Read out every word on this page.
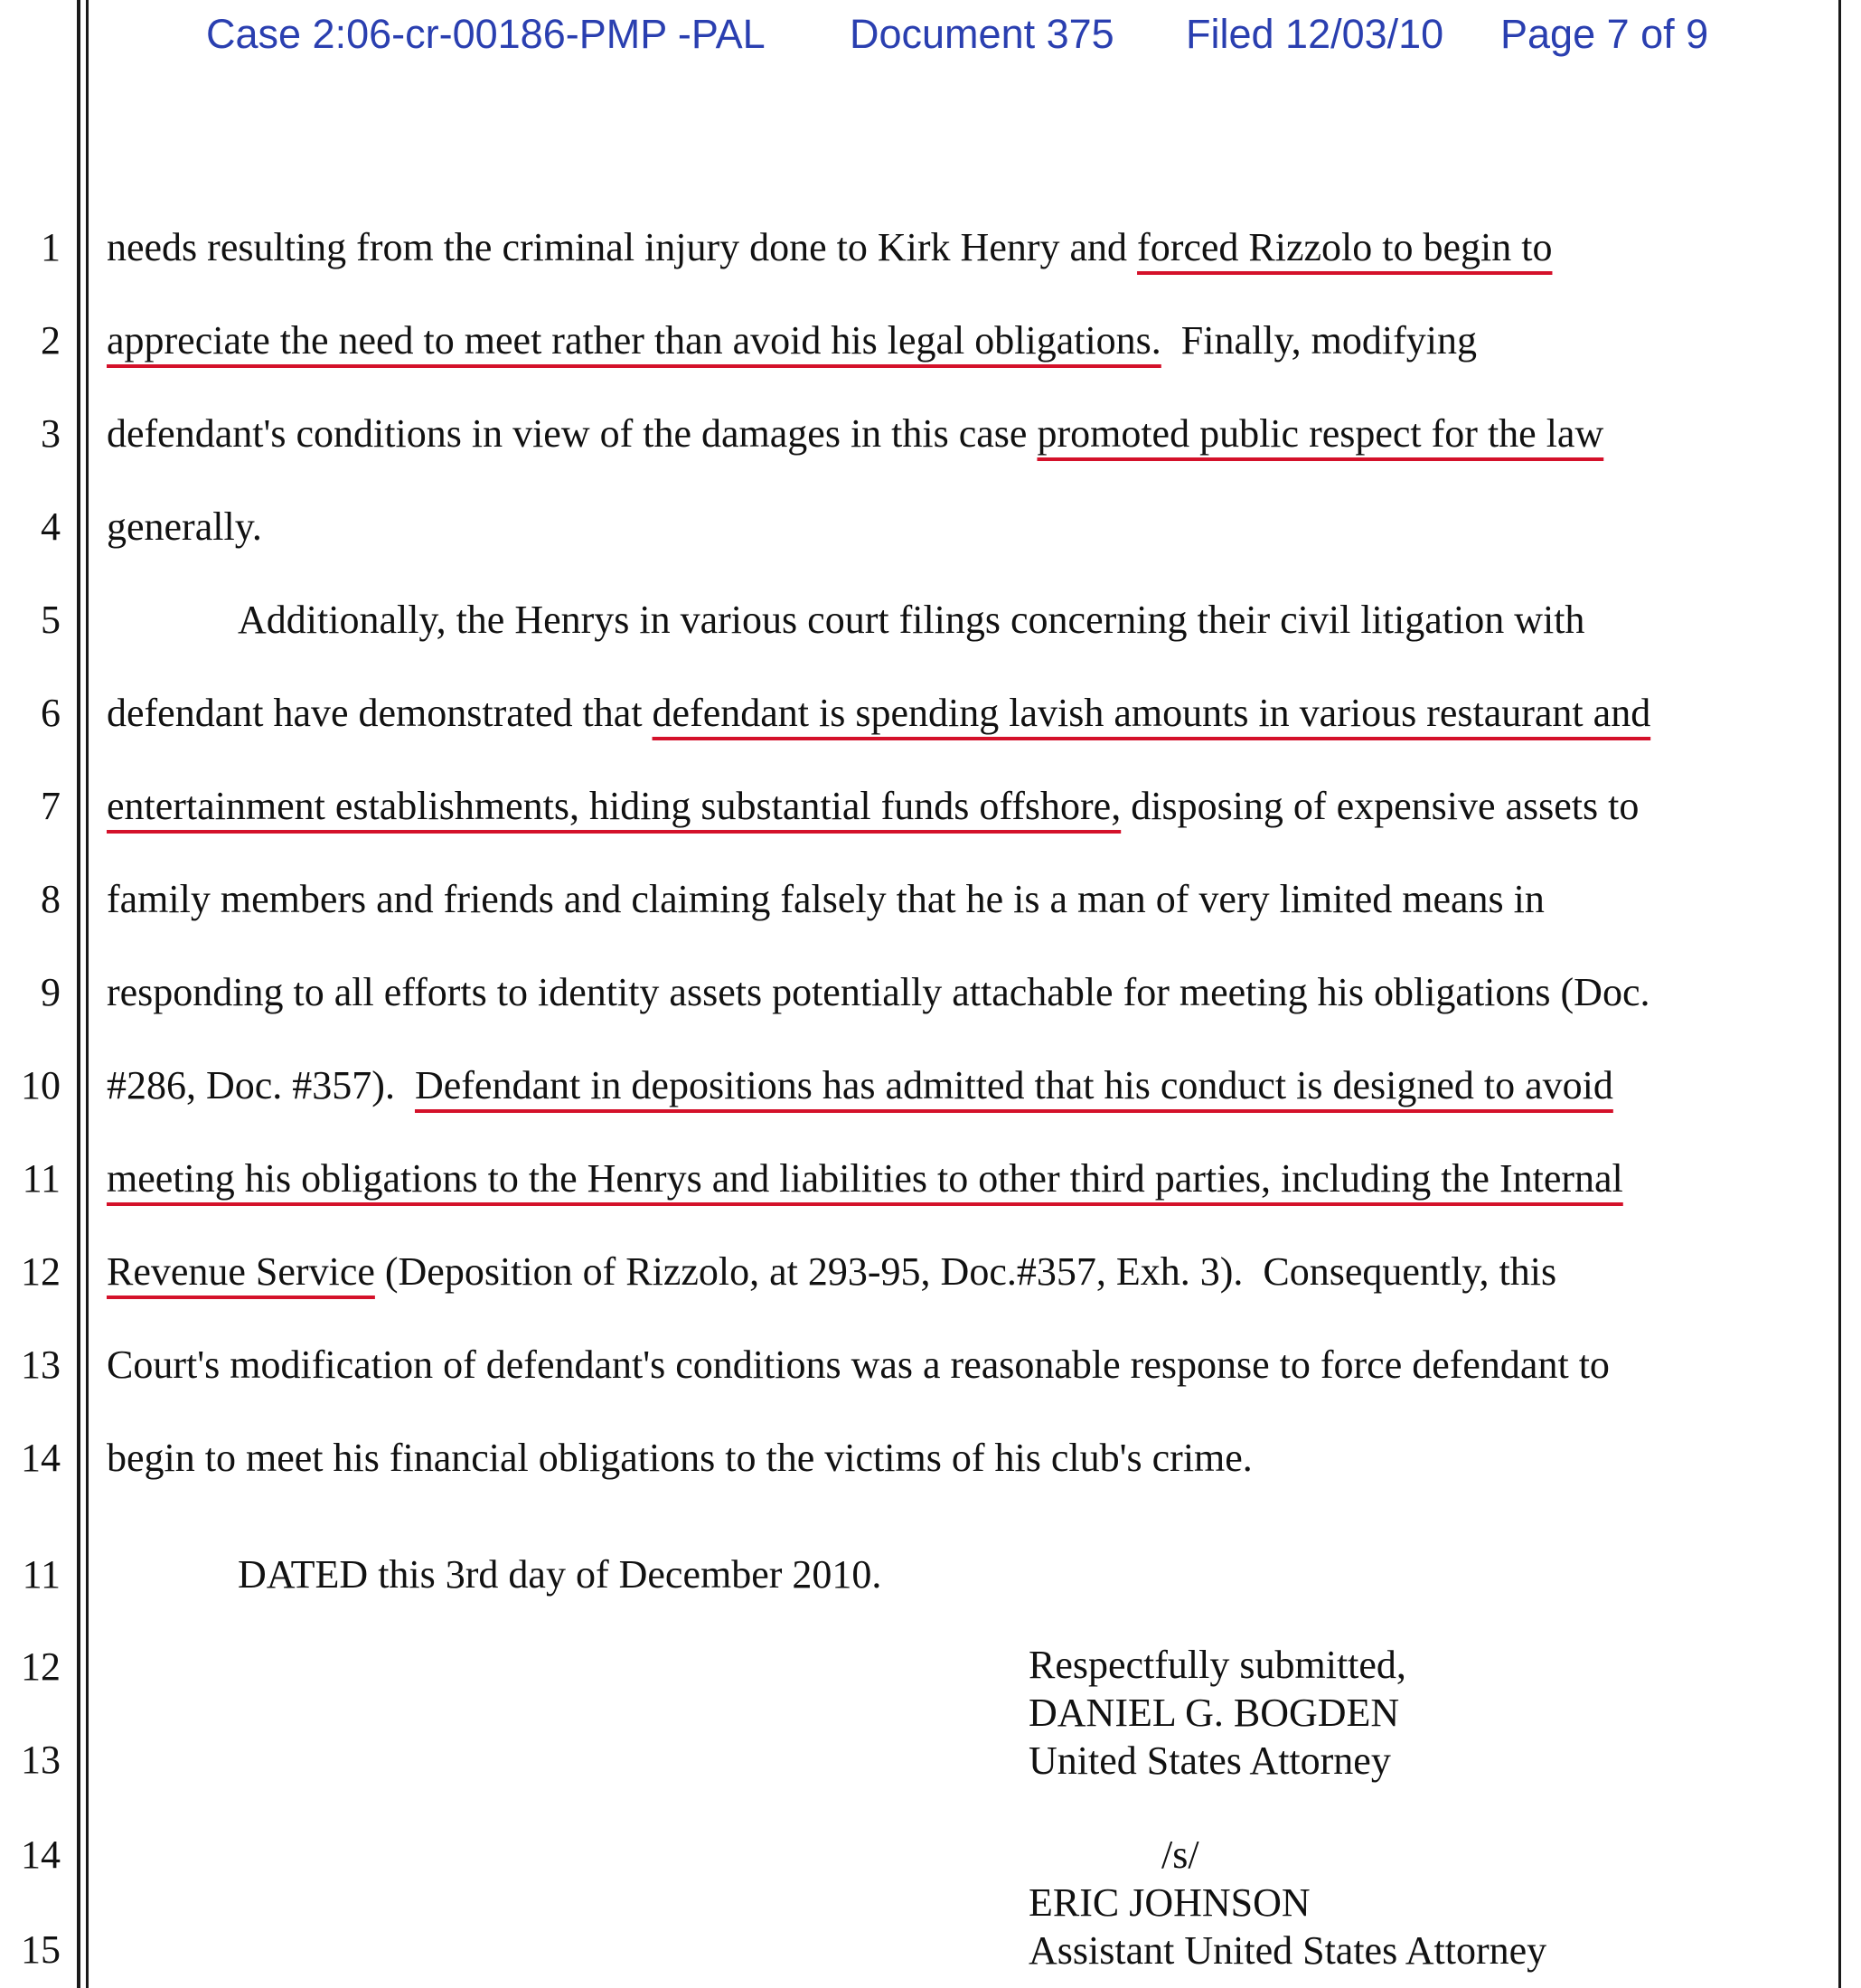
Case 2:06-cr-00186-PMP -PAL Document 375 Filed 12/03/10 Page 7 of 9
1
2
3
4
5
6
7
8
9
10
11
12
13
14
11
12
13
14
15
needs resulting from the criminal injury done to Kirk Henry and forced Rizzolo to begin to
appreciate the need to meet rather than avoid his legal obligations.  Finally, modifying
defendant's conditions in view of the damages in this case promoted public respect for the law
generally.
Additionally, the Henrys in various court filings concerning their civil litigation with
defendant have demonstrated that defendant is spending lavish amounts in various restaurant and
entertainment establishments, hiding substantial funds offshore, disposing of expensive assets to
family members and friends and claiming falsely that he is a man of very limited means in
responding to all efforts to identity assets potentially attachable for meeting his obligations (Doc.
#286, Doc. #357).  Defendant in depositions has admitted that his conduct is designed to avoid
meeting his obligations to the Henrys and liabilities to other third parties, including the Internal
Revenue Service (Deposition of Rizzolo, at 293-95, Doc.#357, Exh. 3).  Consequently, this
Court's modification of defendant's conditions was a reasonable response to force defendant to
begin to meet his financial obligations to the victims of his club's crime.
DATED this 3rd day of December 2010.
Respectfully submitted,
DANIEL G. BOGDEN
United States Attorney
/s/
ERIC JOHNSON
Assistant United States Attorney
